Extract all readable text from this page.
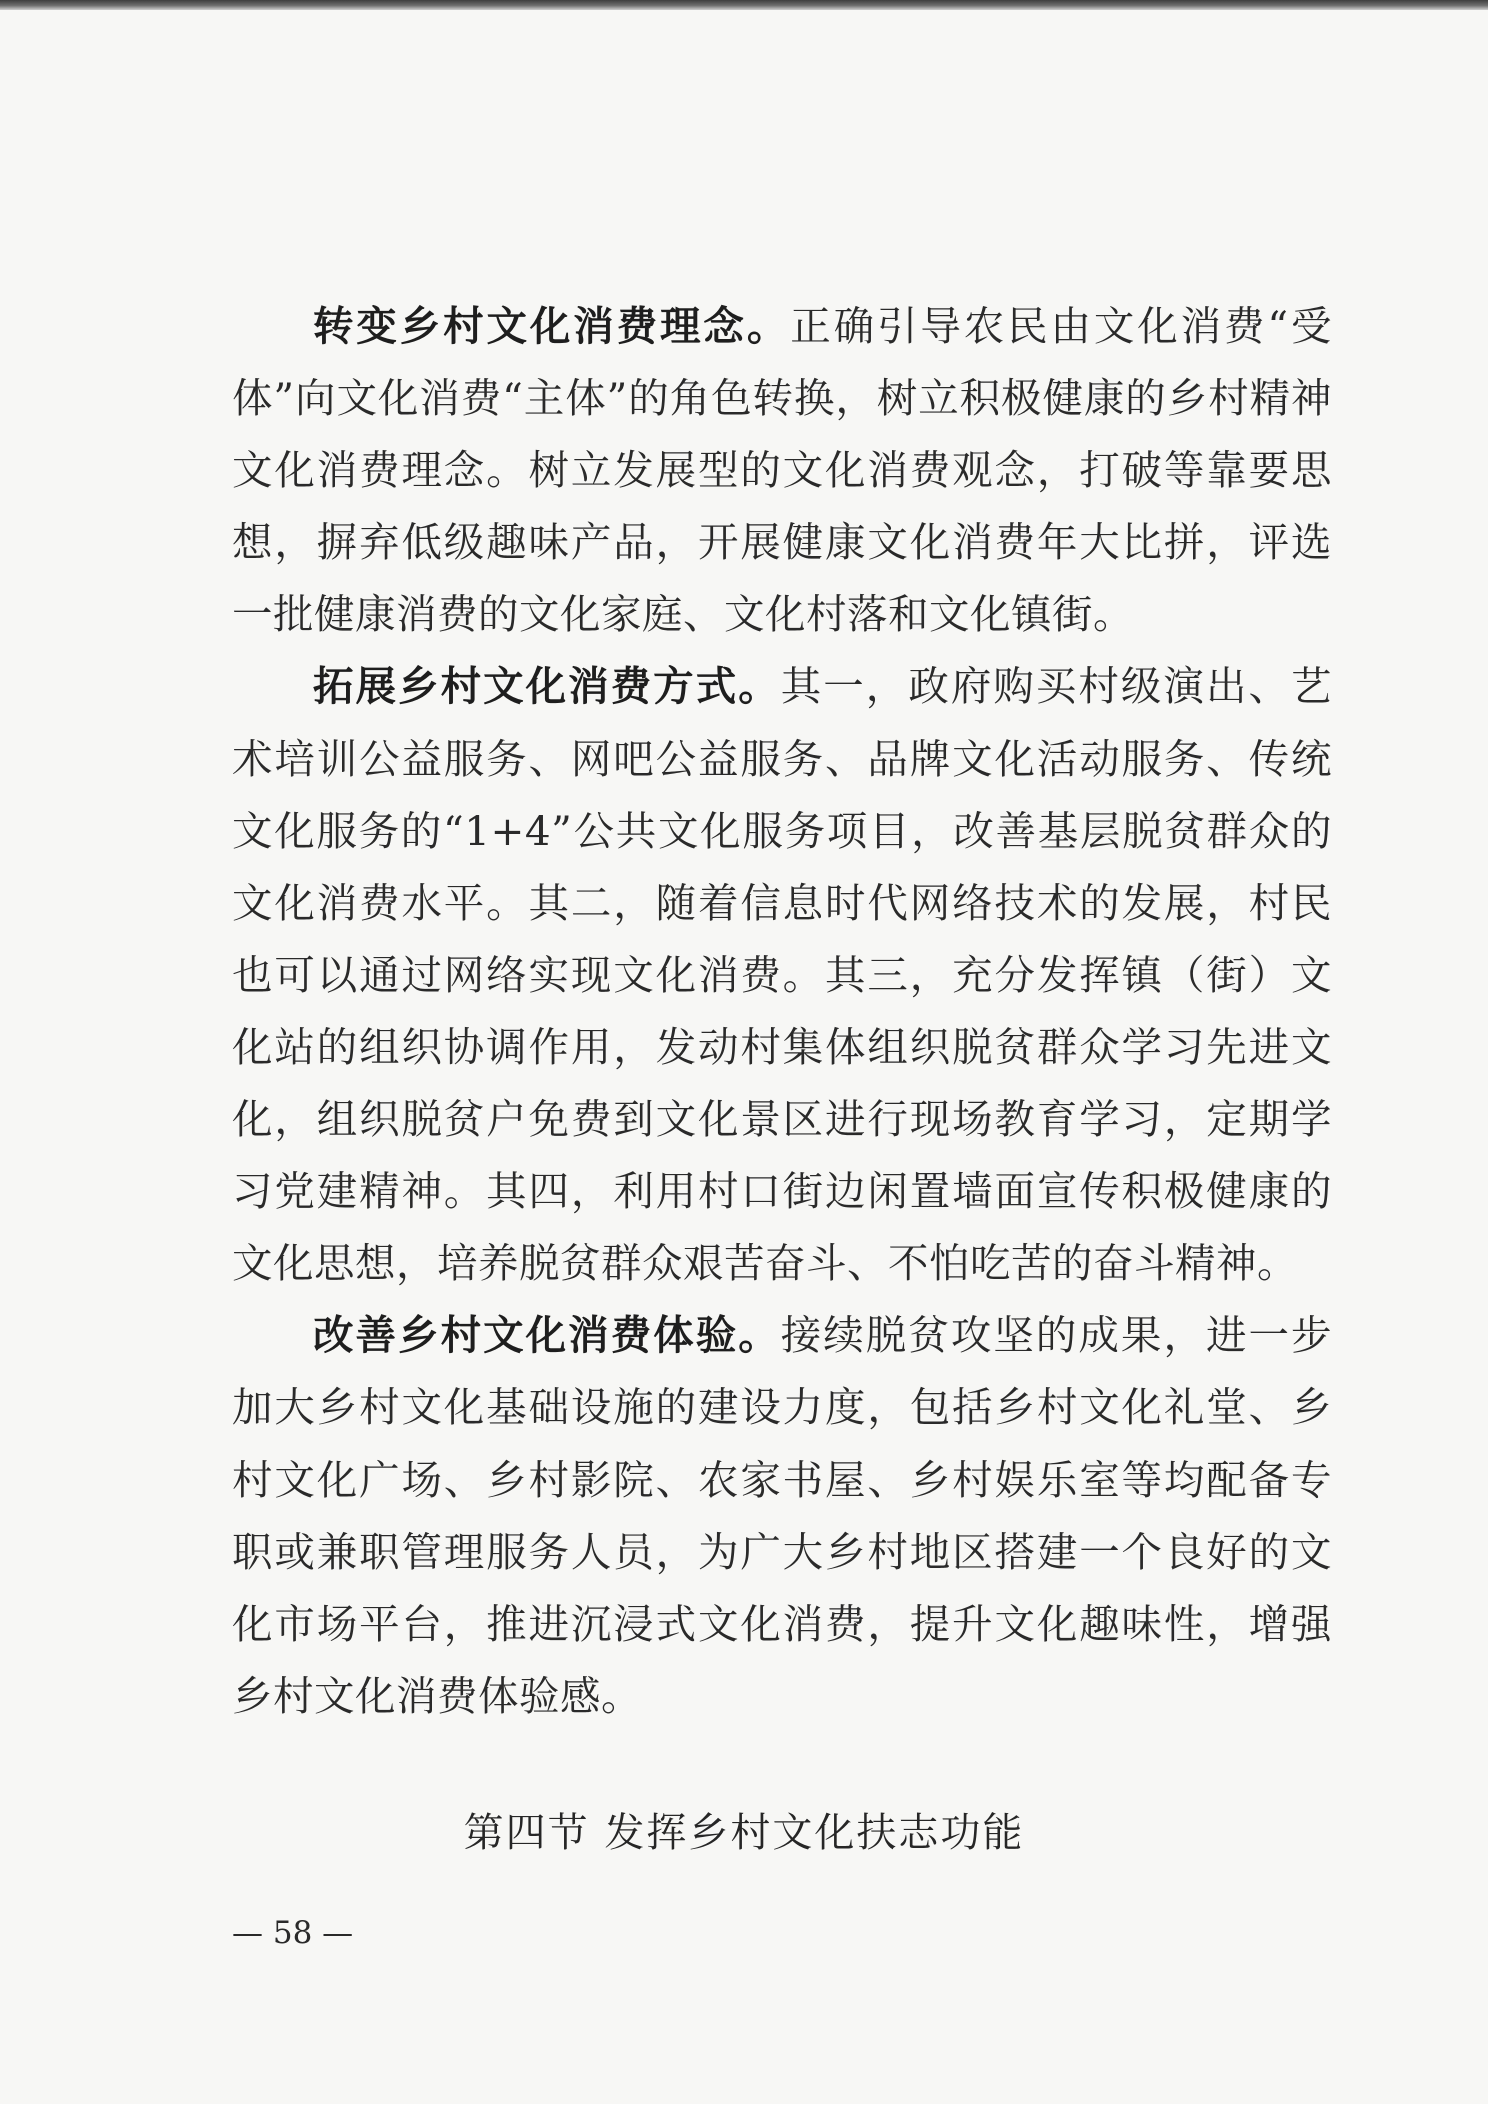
转变乡村文化消费理念。正确引导农民由文化消费“受体”向文化消费“主体”的角色转换，树立积极健康的乡村精神文化消费理念。树立发展型的文化消费观念，打破等靠要思想，摒弃低级趣味产品，开展健康文化消费年大比拼，评选一批健康消费的文化家庭、文化村落和文化镇街。

拓展乡村文化消费方式。其一，政府购买村级演出、艺术培训公益服务、网吧公益服务、品牌文化活动服务、传统文化服务的“1+4”公共文化服务项目，改善基层脱贫群众的文化消费水平。其二，随着信息时代网络技术的发展，村民也可以通过网络实现文化消费。其三，充分发挥镇（街）文化站的组织协调作用，发动村集体组织脱贫群众学习先进文化，组织脱贫户免费到文化景区进行现场教育学习，定期学习党建精神。其四，利用村口街边闲置墙面宣传积极健康的文化思想，培养脱贫群众艰苦奋斗、不怕吃苦的奋斗精神。

改善乡村文化消费体验。接续脱贫攻坚的成果，进一步加大乡村文化基础设施的建设力度，包括乡村文化礼堂、乡村文化广场、乡村影院、农家书屋、乡村娱乐室等均配备专职或兼职管理服务人员，为广大乡村地区搭建一个良好的文化市场平台，推进沉浸式文化消费，提升文化趣味性，增强乡村文化消费体验感。

第四节 发挥乡村文化扶志功能
— 58 —
